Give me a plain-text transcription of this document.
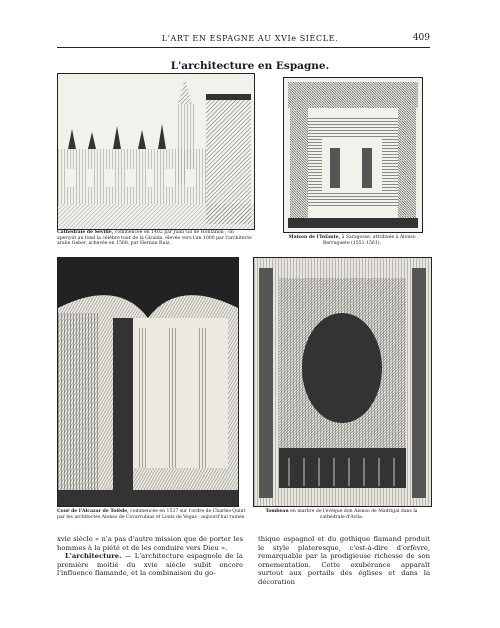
L'ART EN ESPAGNE AU XVIe SIÈCLE.	409
L'architecture en Espagne.
Cathédrale de Séville, commencée en 1402 par Juan Gil de Hontanon ; on aperçoit au fond la célèbre tour de la Giralda, élevée vers l'an 1000 par l'architecte arabe Geber, achevée en 1568, par Hernan Ruiz.
Maison de l'Infante, à Saragosse, attribuée à Alonso Berruguete (1551-1561).
Cour de l'Alcazar de Tolède, commencée en 1537 sur l'ordre de Charles-Quint par les architectes Alonso de Covarrubias et Louis de Vegas ; aujourd'hui ruinée.
Tombeau en marbre de l'évêque don Alonso de Madrigal dans la cathédrale d'Avila.

xvie siècle « n'a pas d'autre mission que de porter les hommes à la piété et de les conduire vers Dieu ».

L'architecture. — L'architecture espagnole de la première moitié du xvie siècle subit encore l'influence flamande, et la combinaison du go-

thique espagnol et du gothique flamand produit le style plateresque, c'est-à-dire d'orfèvre, remarquable par la prodigieuse richesse de son ornementation. Cette exubérance apparaît surtout aux portails des églises et dans la décoration
